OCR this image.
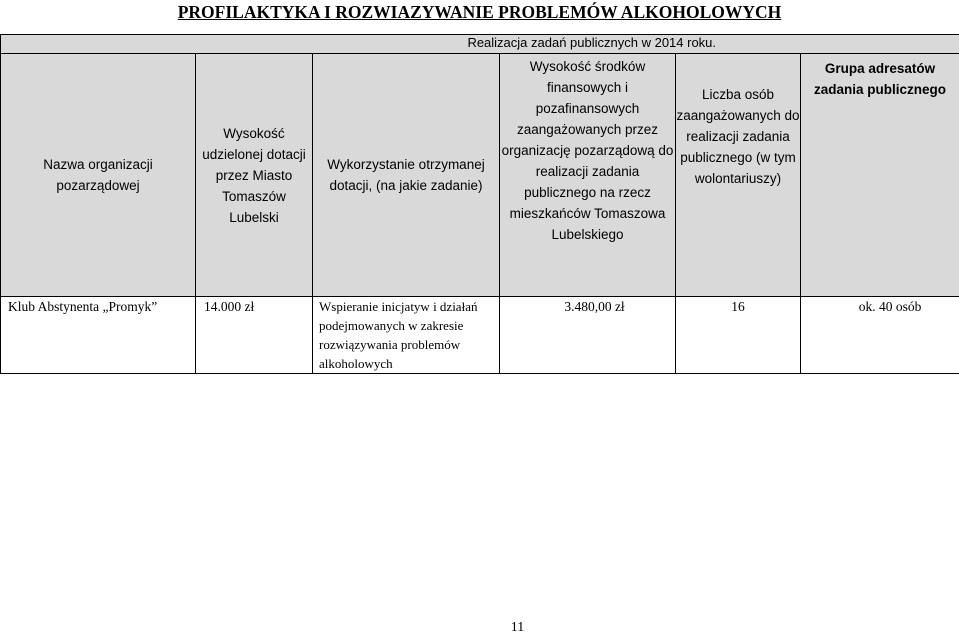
PROFILAKTYKA I ROZWIAZYWANIE PROBLEMÓW ALKOHOLOWYCH
Realizacja zadań publicznych w 2014 roku.					
Nazwa organizacji pozarządowej	Wysokość udzielonej dotacji przez Miasto Tomaszów Lubelski	Wykorzystanie otrzymanej dotacji, (na jakie zadanie)	Wysokość środków finansowych i pozafinansowych zaangażowanych przez organizację pozarządową do realizacji zadania publicznego na rzecz mieszkańców Tomaszowa Lubelskiego	Liczba osób zaangażowanych do realizacji zadania publicznego (w tym wolontariuszy)	Grupa adresatów zadania publicznego
Klub Abstynenta „Promyk”	14.000 zł	Wspieranie inicjatyw i działań podejmowanych w zakresie rozwiązywania problemów alkoholowych	3.480,00 zł	16	ok. 40 osób
11
